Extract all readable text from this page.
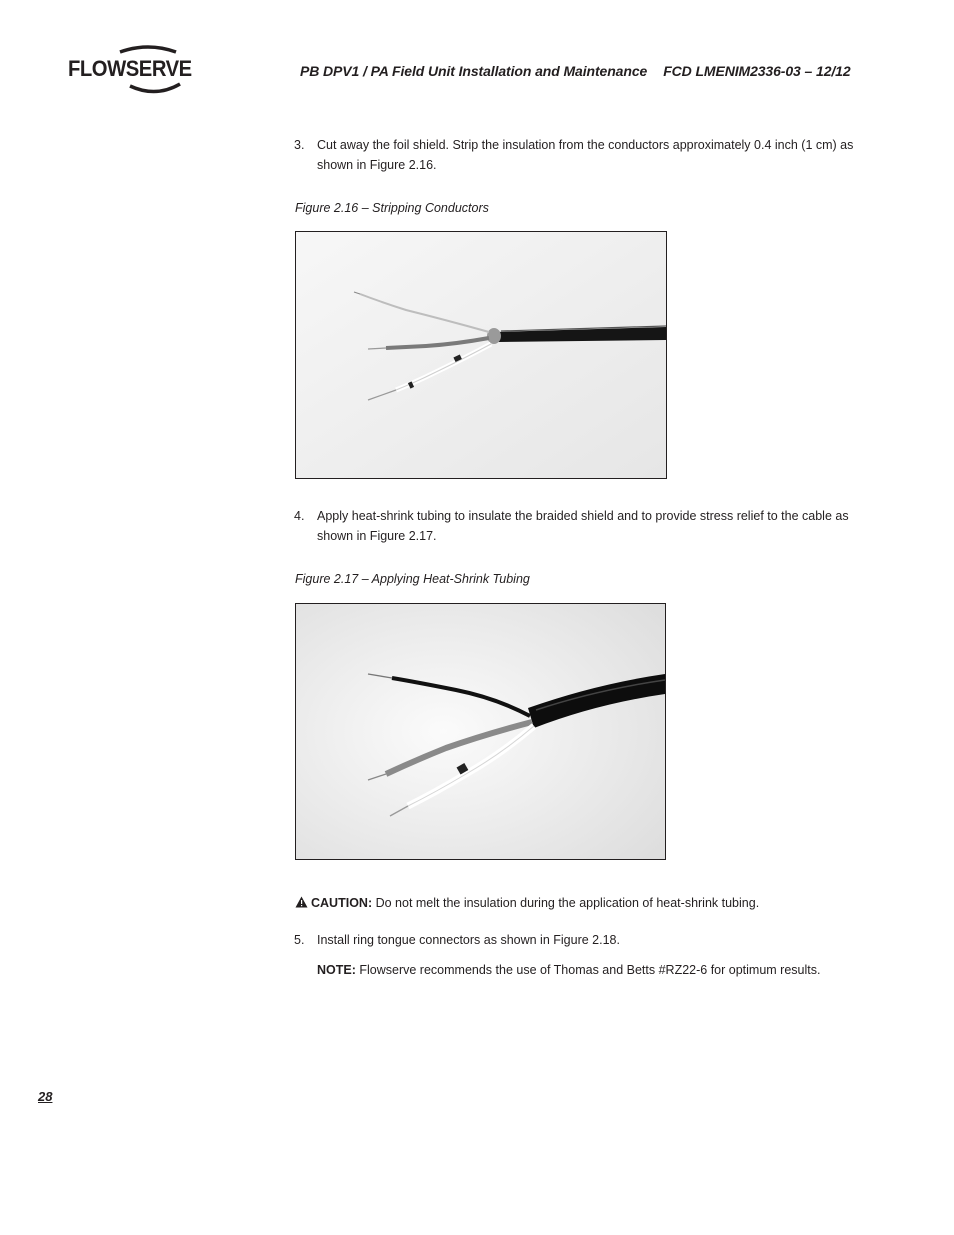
FLOWSERVE	PB DPV1 / PA Field Unit Installation and Maintenance FCD LMENIM2336-03 – 12/12
3. Cut away the foil shield. Strip the insulation from the conductors approximately 0.4 inch (1 cm) as shown in Figure 2.16.
Figure 2.16 – Stripping Conductors
4. Apply heat-shrink tubing to insulate the braided shield and to provide stress relief to the cable as shown in Figure 2.17.
Figure 2.17 – Applying Heat-Shrink Tubing
CAUTION: Do not melt the insulation during the application of heat-shrink tubing.
5. Install ring tongue connectors as shown in Figure 2.18.
NOTE: Flowserve recommends the use of Thomas and Betts #RZ22-6 for optimum results.
28
